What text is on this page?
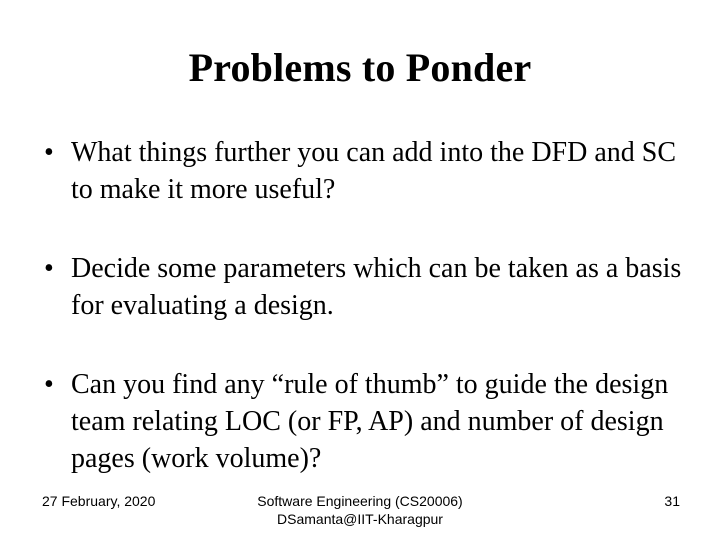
Problems to Ponder
• What things further you can add into the DFD and SC to make it more useful?
• Decide some parameters which can be taken as a basis for evaluating a design.
• Can you find any “rule of thumb” to guide the design team relating LOC (or FP, AP) and number of design pages (work volume)?
27 February, 2020	Software Engineering (CS20006)
DSamanta@IIT-Kharagpur
31
